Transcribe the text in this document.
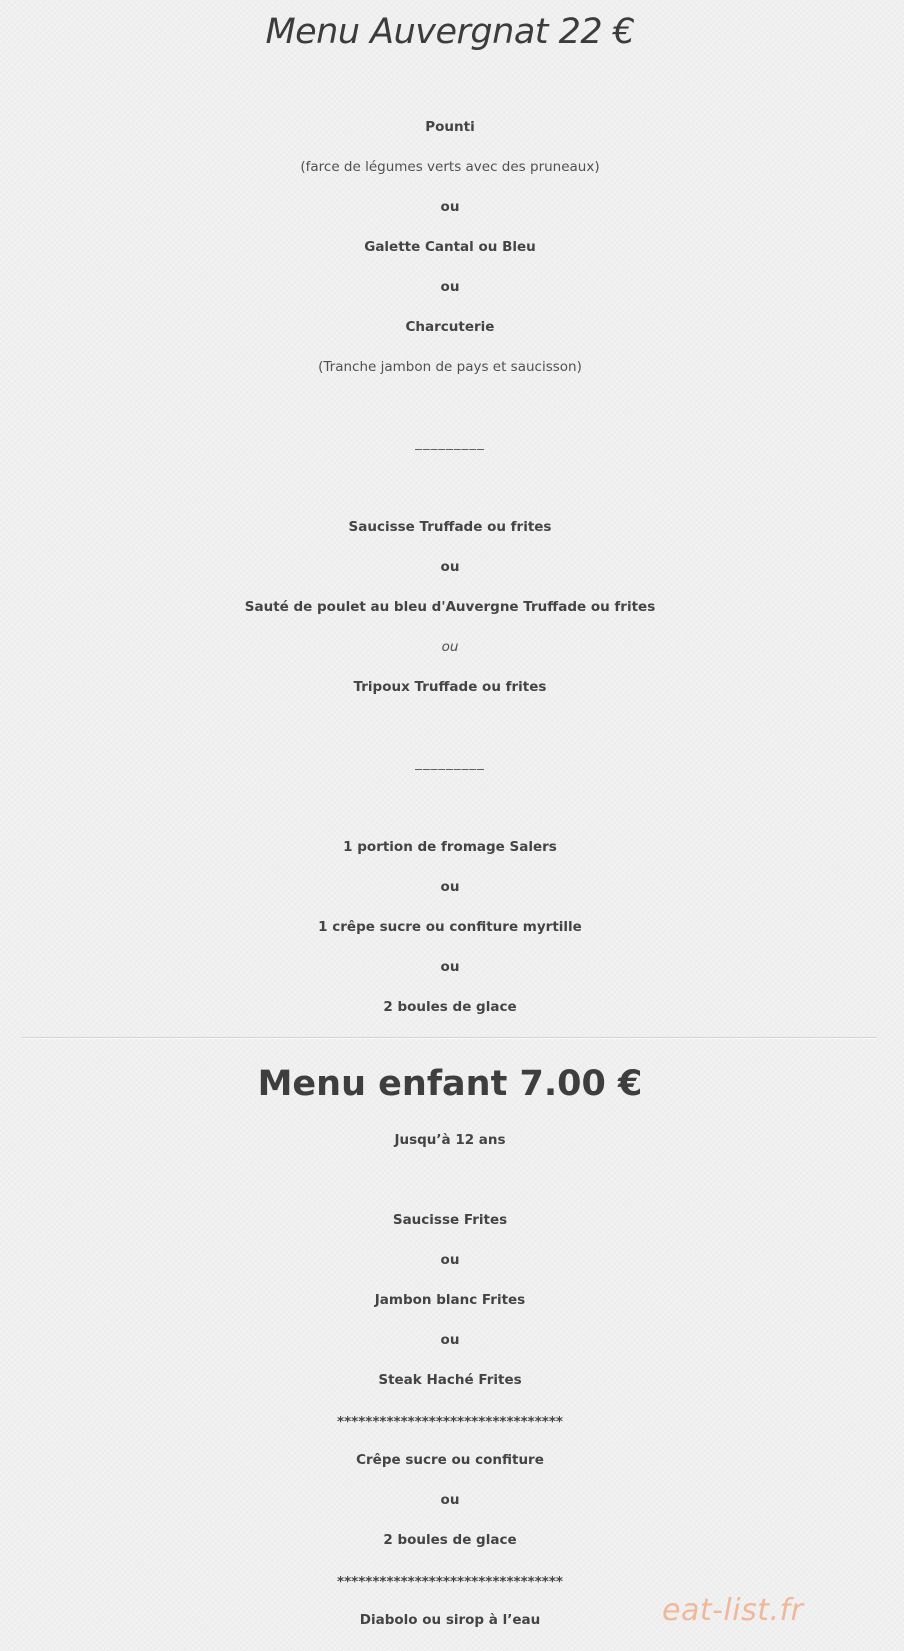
Menu Auvergnat 22 €
Pounti
(farce de légumes verts avec des pruneaux)
ou
Galette Cantal ou Bleu
ou
Charcuterie
(Tranche jambon de pays et saucisson)
_________
Saucisse Truffade ou frites
ou
Sauté de poulet au bleu d'Auvergne Truffade ou frites
ou
Tripoux Truffade ou frites
_________
1 portion de fromage Salers
ou
1 crêpe sucre ou confiture myrtille
ou
2 boules de glace
Menu enfant 7.00 €
Jusqu’à 12 ans
Saucisse Frites
ou
Jambon blanc Frites
ou
Steak Haché Frites
********************************
Crêpe sucre ou confiture
ou
2 boules de glace
********************************
Diabolo ou sirop à l’eau	eat-list.fr
